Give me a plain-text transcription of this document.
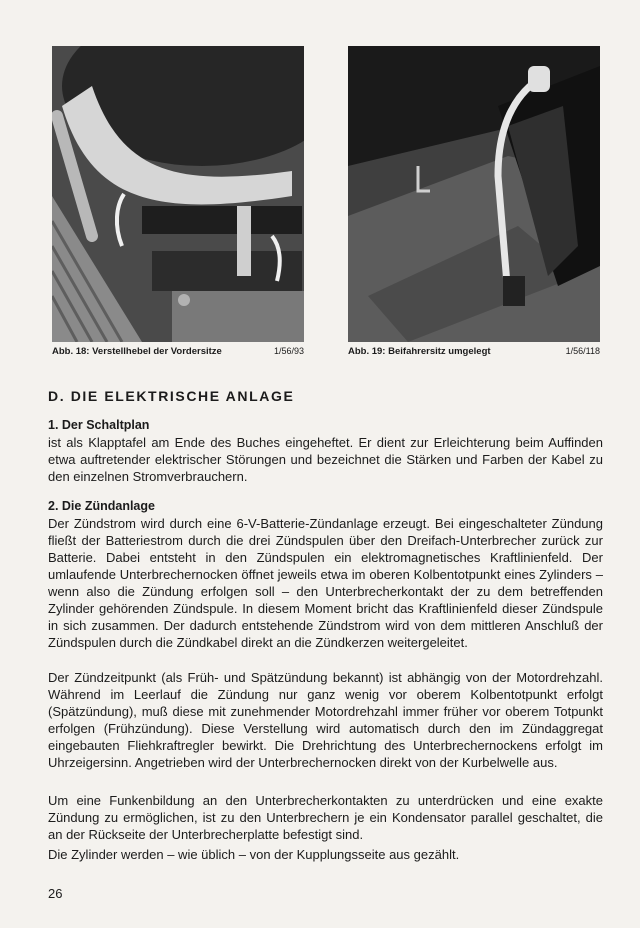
Abb. 18: Verstellhebel der Vordersitze	1/56/93	Abb. 19: Beifahrersitz umgelegt	1/56/118
D. DIE ELEKTRISCHE ANLAGE
1. Der Schaltplan
ist als Klapptafel am Ende des Buches eingeheftet. Er dient zur Erleichterung beim Auffinden etwa auftretender elektrischer Störungen und bezeichnet die Stärken und Farben der Kabel zu den einzelnen Stromverbrauchern.
2. Die Zündanlage
Der Zündstrom wird durch eine 6-V-Batterie-Zündanlage erzeugt. Bei eingeschalteter Zündung fließt der Batteriestrom durch die drei Zündspulen über den Dreifach-Unterbrecher zurück zur Batterie. Dabei entsteht in den Zündspulen ein elektromagnetisches Kraftlinienfeld. Der umlaufende Unterbrechernocken öffnet jeweils etwa im oberen Kolbentotpunkt eines Zylinders – wenn also die Zündung erfolgen soll – den Unterbrecherkontakt der zu dem betreffenden Zylinder gehörenden Zündspule. In diesem Moment bricht das Kraftlinienfeld dieser Zündspule in sich zusammen. Der dadurch entstehende Zündstrom wird von dem mittleren Anschluß der Zündspulen durch die Zündkabel direkt an die Zündkerzen weitergeleitet.
Der Zündzeitpunkt (als Früh- und Spätzündung bekannt) ist abhängig von der Motordrehzahl. Während im Leerlauf die Zündung nur ganz wenig vor oberem Kolbentotpunkt erfolgt (Spätzündung), muß diese mit zunehmender Motordrehzahl immer früher vor oberem Totpunkt erfolgen (Frühzündung). Diese Verstellung wird automatisch durch den im Zündaggregat eingebauten Fliehkraftregler bewirkt. Die Drehrichtung des Unterbrechernockens erfolgt im Uhrzeigersinn. Angetrieben wird der Unterbrechernocken direkt von der Kurbelwelle aus.
Um eine Funkenbildung an den Unterbrecherkontakten zu unterdrücken und eine exakte Zündung zu ermöglichen, ist zu den Unterbrechern je ein Kondensator parallel geschaltet, die an der Rückseite der Unterbrecherplatte befestigt sind.
Die Zylinder werden – wie üblich – von der Kupplungsseite aus gezählt.
26
